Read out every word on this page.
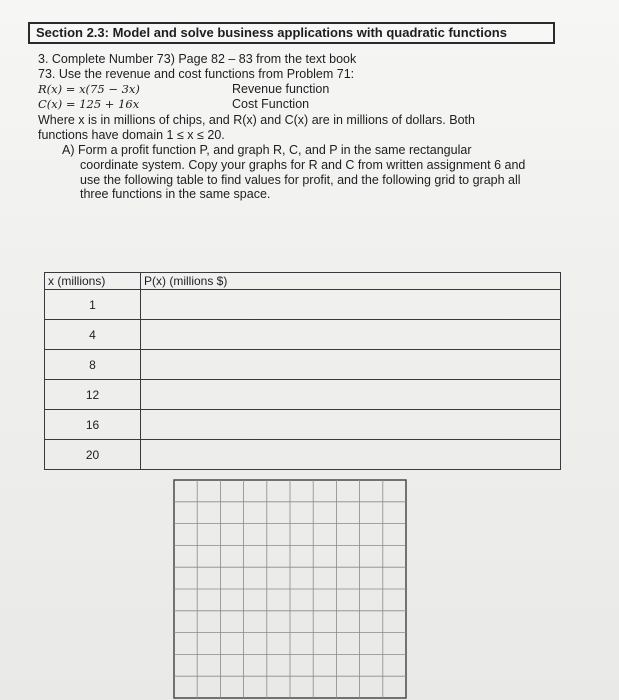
Section 2.3: Model and solve business applications with quadratic functions
3. Complete Number 73) Page 82 – 83 from the text book
73. Use the revenue and cost functions from Problem 71:
R(x) = x(75 − 3x)	Revenue function
C(x) = 125 + 16x	Cost Function
Where x is in millions of chips, and R(x) and C(x) are in millions of dollars. Both
functions have domain 1 ≤ x ≤ 20.
A) Form a profit function P, and graph R, C, and P in the same rectangular
coordinate system. Copy your graphs for R and C from written assignment 6 and
use the following table to find values for profit, and the following grid to graph all
three functions in the same space.
x (millions)	P(x) (millions $)
1	
4	
8	
12	
16	
20	
